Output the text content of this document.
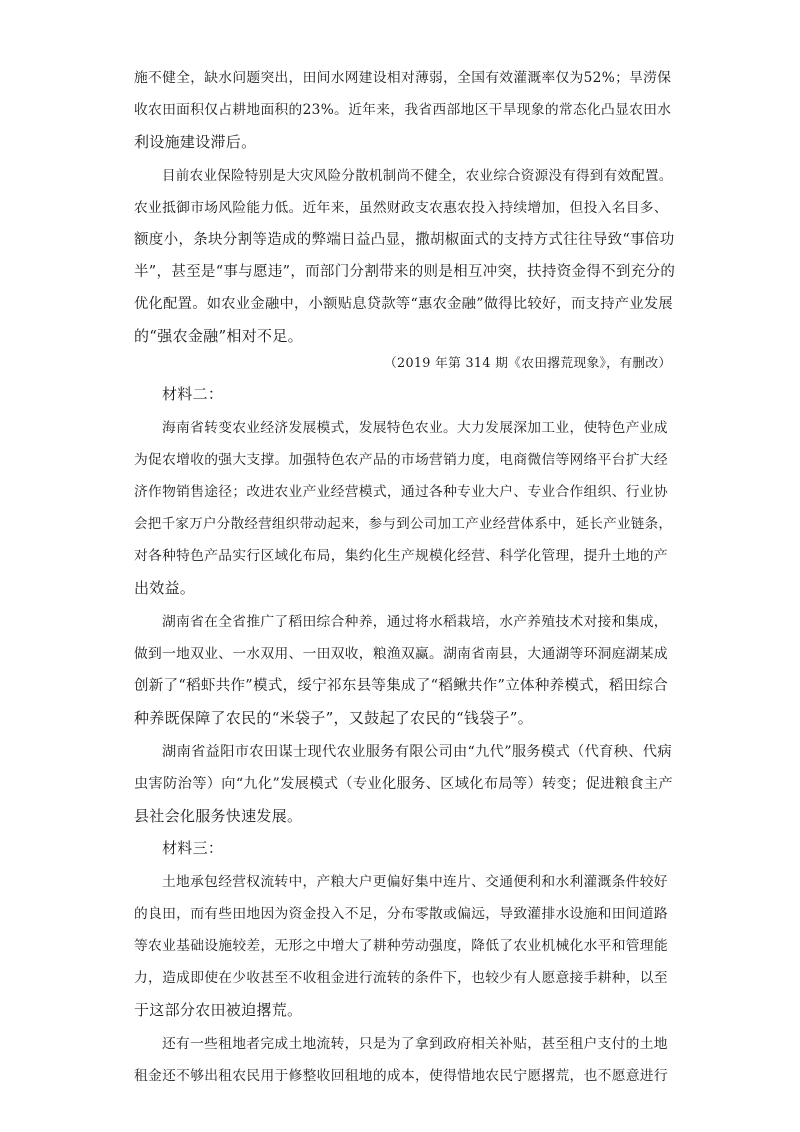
施不健全，缺水问题突出，田间水网建设相对薄弱，全国有效灌溉率仅为52%；旱涝保
收农田面积仅占耕地面积的23%。近年来，我省西部地区干旱现象的常态化凸显农田水
利设施建设滞后。
目前农业保险特别是大灾风险分散机制尚不健全，农业综合资源没有得到有效配置。
农业抵御市场风险能力低。近年来，虽然财政支农惠农投入持续增加，但投入名目多、
额度小，条块分割等造成的弊端日益凸显，撒胡椒面式的支持方式往往导致“事倍功
半”，甚至是“事与愿违”，而部门分割带来的则是相互冲突，扶持资金得不到充分的
优化配置。如农业金融中，小额贴息贷款等“惠农金融”做得比较好，而支持产业发展
的“强农金融”相对不足。
（2019 年第 314 期《农田撂荒现象》，有删改）
材料二：
海南省转变农业经济发展模式，发展特色农业。大力发展深加工业，使特色产业成
为促农增收的强大支撑。加强特色农产品的市场营销力度，电商微信等网络平台扩大经
济作物销售途径；改进农业产业经营模式，通过各种专业大户、专业合作组织、行业协
会把千家万户分散经营组织带动起来，参与到公司加工产业经营体系中，延长产业链条，
对各种特色产品实行区域化布局，集约化生产规模化经营、科学化管理，提升土地的产
出效益。
湖南省在全省推广了稻田综合种养，通过将水稻栽培，水产养殖技术对接和集成，
做到一地双业、一水双用、一田双收，粮渔双赢。湖南省南县，大通湖等环洞庭湖某成
创新了“稻虾共作”模式，绥宁祁东县等集成了“稻鳅共作”立体种养模式，稻田综合
种养既保障了农民的“米袋子”，又鼓起了农民的“钱袋子”。
湖南省益阳市农田谋士现代农业服务有限公司由“九代”服务模式（代育秧、代病
虫害防治等）向“九化”发展模式（专业化服务、区域化布局等）转变；促进粮食主产
县社会化服务快速发展。
材料三：
土地承包经营权流转中，产粮大户更偏好集中连片、交通便利和水利灌溉条件较好
的良田，而有些田地因为资金投入不足，分布零散或偏远，导致灌排水设施和田间道路
等农业基础设施较差，无形之中增大了耕种劳动强度，降低了农业机械化水平和管理能
力，造成即使在少收甚至不收租金进行流转的条件下，也较少有人愿意接手耕种，以至
于这部分农田被迫撂荒。
还有一些租地者完成土地流转，只是为了拿到政府相关补贴，甚至租户支付的土地
租金还不够出租农民用于修整收回租地的成本，使得惜地农民宁愿撂荒，也不愿意进行
